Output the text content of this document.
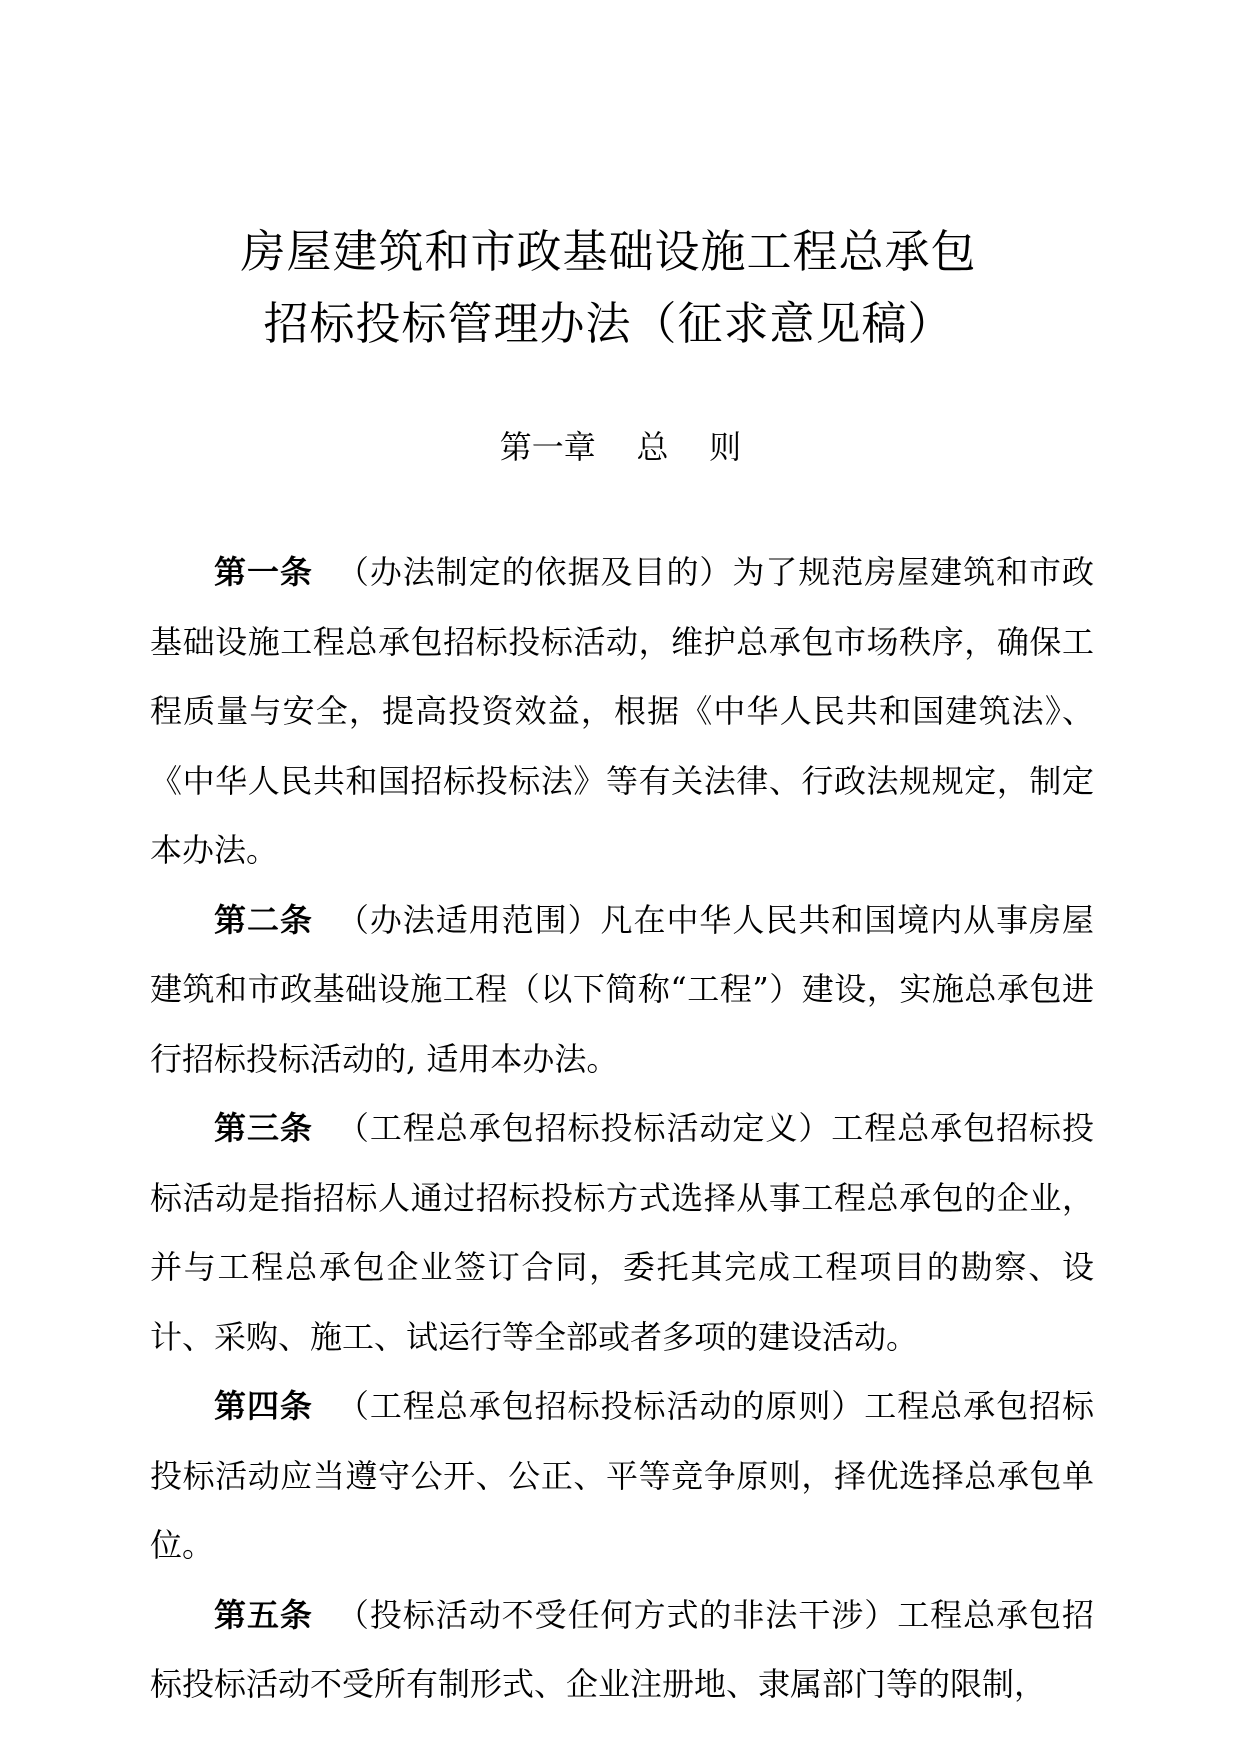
房屋建筑和市政基础设施工程总承包
招标投标管理办法（征求意见稿）
第一章    总    则

第一条 （办法制定的依据及目的）为了规范房屋建筑和市政基础设施工程总承包招标投标活动，维护总承包市场秩序，确保工程质量与安全，提高投资效益，根据《中华人民共和国建筑法》、《中华人民共和国招标投标法》等有关法律、行政法规规定，制定本办法。

第二条 （办法适用范围）凡在中华人民共和国境内从事房屋建筑和市政基础设施工程（以下简称“工程”）建设，实施总承包进行招标投标活动的, 适用本办法。

第三条 （工程总承包招标投标活动定义）工程总承包招标投标活动是指招标人通过招标投标方式选择从事工程总承包的企业，并与工程总承包企业签订合同，委托其完成工程项目的勘察、设计、采购、施工、试运行等全部或者多项的建设活动。

第四条 （工程总承包招标投标活动的原则）工程总承包招标投标活动应当遵守公开、公正、平等竞争原则，择优选择总承包单位。

第五条 （投标活动不受任何方式的非法干涉）工程总承包招标投标活动不受所有制形式、企业注册地、隶属部门等的限制，
